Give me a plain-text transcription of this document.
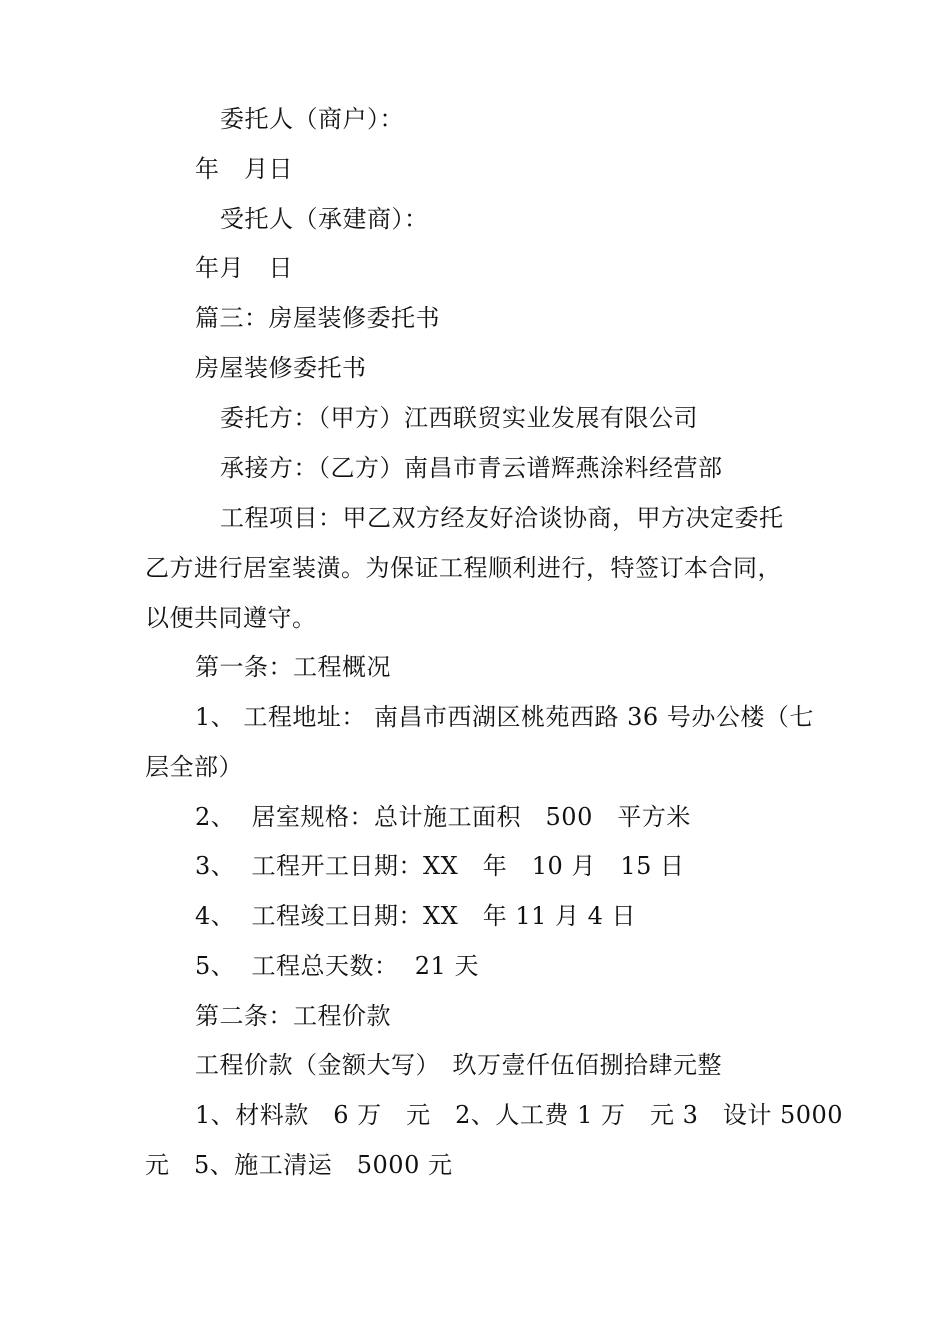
委托人（商户）：
年　月日
受托人（承建商）：
年月　日
篇三：房屋装修委托书
房屋装修委托书
委托方：（甲方）江西联贸实业发展有限公司
承接方：（乙方）南昌市青云谱辉燕涂料经营部
工程项目：甲乙双方经友好洽谈协商，甲方决定委托
乙方进行居室装潢。为保证工程顺利进行，特签订本合同，
以便共同遵守。
第一条：工程概况
1、 工程地址： 南昌市西湖区桃苑西路 36 号办公楼（七
层全部）
2、  居室规格：总计施工面积　500　平方米
3、  工程开工日期：XX　年　10 月　15 日
4、  工程竣工日期：XX　年 11 月 4 日
5、  工程总天数：  21 天
第二条：工程价款
工程价款（金额大写）　玖万壹仟伍佰捌拾肆元整
1、材料款　6 万　元　2、人工费 1 万　元 3　设计 5000
元　5、施工清运　5000 元
